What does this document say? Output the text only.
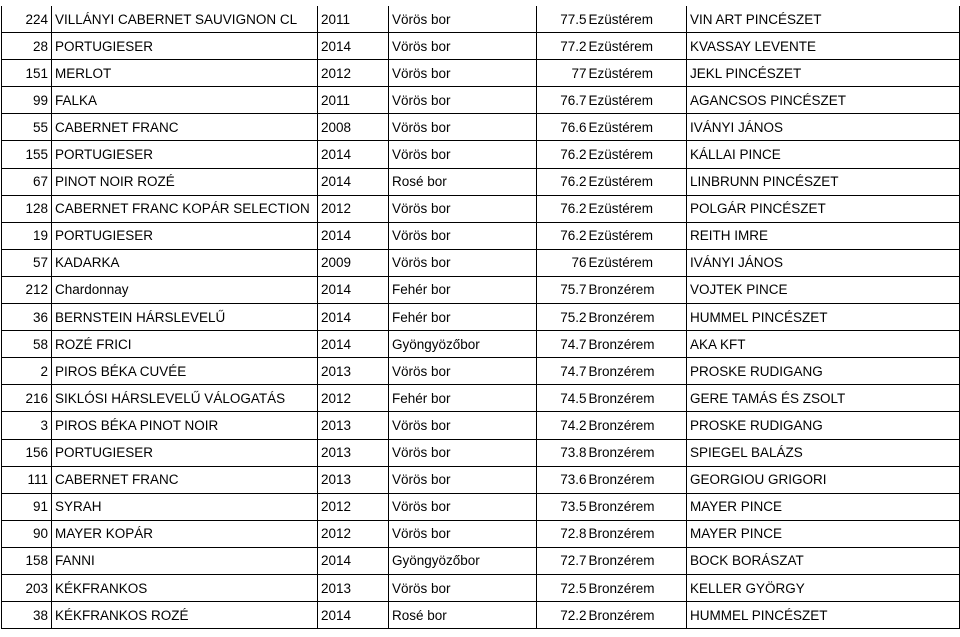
224	VILLÁNYI CABERNET SAUVIGNON CL	2011	Vörös bor	77.5	Ezüstérem	VIN ART PINCÉSZET
28	PORTUGIESER	2014	Vörös bor	77.2	Ezüstérem	KVASSAY LEVENTE
151	MERLOT	2012	Vörös bor	77	Ezüstérem	JEKL PINCÉSZET
99	FALKA	2011	Vörös bor	76.7	Ezüstérem	AGANCSOS PINCÉSZET
55	CABERNET FRANC	2008	Vörös bor	76.6	Ezüstérem	IVÁNYI JÁNOS
155	PORTUGIESER	2014	Vörös bor	76.2	Ezüstérem	KÁLLAI PINCE
67	PINOT NOIR ROZÉ	2014	Rosé bor	76.2	Ezüstérem	LINBRUNN PINCÉSZET
128	CABERNET FRANC KOPÁR SELECTION	2012	Vörös bor	76.2	Ezüstérem	POLGÁR PINCÉSZET
19	PORTUGIESER	2014	Vörös bor	76.2	Ezüstérem	REITH IMRE
57	KADARKA	2009	Vörös bor	76	Ezüstérem	IVÁNYI JÁNOS
212	Chardonnay	2014	Fehér bor	75.7	Bronzérem	VOJTEK PINCE
36	BERNSTEIN HÁRSLEVELŰ	2014	Fehér bor	75.2	Bronzérem	HUMMEL PINCÉSZET
58	ROZÉ FRICI	2014	Gyöngyözőbor	74.7	Bronzérem	AKA KFT
2	PIROS BÉKA CUVÉE	2013	Vörös bor	74.7	Bronzérem	PROSKE RUDIGANG
216	SIKLÓSI HÁRSLEVELŰ VÁLOGATÁS	2012	Fehér bor	74.5	Bronzérem	GERE TAMÁS ÉS ZSOLT
3	PIROS BÉKA PINOT NOIR	2013	Vörös bor	74.2	Bronzérem	PROSKE RUDIGANG
156	PORTUGIESER	2013	Vörös bor	73.8	Bronzérem	SPIEGEL BALÁZS
111	CABERNET FRANC	2013	Vörös bor	73.6	Bronzérem	GEORGIOU GRIGORI
91	SYRAH	2012	Vörös bor	73.5	Bronzérem	MAYER PINCE
90	MAYER KOPÁR	2012	Vörös bor	72.8	Bronzérem	MAYER PINCE
158	FANNI	2014	Gyöngyözőbor	72.7	Bronzérem	BOCK BORÁSZAT
203	KÉKFRANKOS	2013	Vörös bor	72.5	Bronzérem	KELLER GYÖRGY
38	KÉKFRANKOS ROZÉ	2014	Rosé bor	72.2	Bronzérem	HUMMEL PINCÉSZET
